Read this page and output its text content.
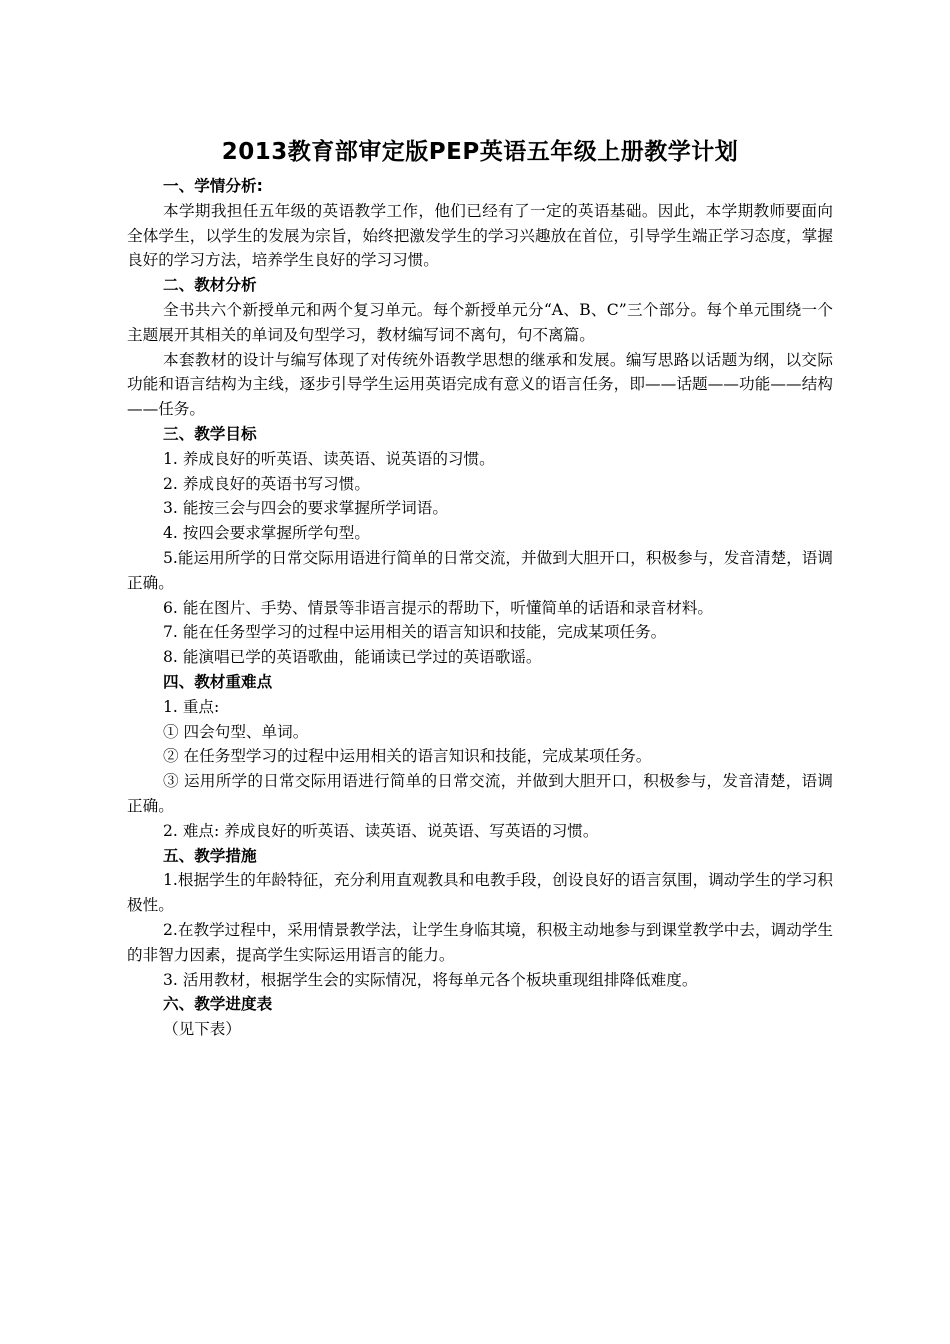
2013教育部审定版PEP英语五年级上册教学计划

一、学情分析:

本学期我担任五年级的英语教学工作，他们已经有了一定的英语基础。因此，本学期教师要面向全体学生，以学生的发展为宗旨，始终把激发学生的学习兴趣放在首位，引导学生端正学习态度，掌握良好的学习方法，培养学生良好的学习习惯。

二、教材分析

全书共六个新授单元和两个复习单元。每个新授单元分“A、B、C”三个部分。每个单元围绕一个主题展开其相关的单词及句型学习，教材编写词不离句，句不离篇。

本套教材的设计与编写体现了对传统外语教学思想的继承和发展。编写思路以话题为纲，以交际功能和语言结构为主线，逐步引导学生运用英语完成有意义的语言任务，即——话题——功能——结构——任务。

三、教学目标

1. 养成良好的听英语、读英语、说英语的习惯。

2. 养成良好的英语书写习惯。

3. 能按三会与四会的要求掌握所学词语。

4. 按四会要求掌握所学句型。

5.能运用所学的日常交际用语进行简单的日常交流，并做到大胆开口，积极参与，发音清楚，语调正确。

6. 能在图片、手势、情景等非语言提示的帮助下，听懂简单的话语和录音材料。

7. 能在任务型学习的过程中运用相关的语言知识和技能，完成某项任务。

8. 能演唱已学的英语歌曲，能诵读已学过的英语歌谣。

四、教材重难点

1. 重点:

① 四会句型、单词。

② 在任务型学习的过程中运用相关的语言知识和技能，完成某项任务。

③ 运用所学的日常交际用语进行简单的日常交流，并做到大胆开口，积极参与，发音清楚，语调正确。

2. 难点: 养成良好的听英语、读英语、说英语、写英语的习惯。

五、教学措施

1.根据学生的年龄特征，充分利用直观教具和电教手段，创设良好的语言氛围，调动学生的学习积极性。

2.在教学过程中，采用情景教学法，让学生身临其境，积极主动地参与到课堂教学中去，调动学生的非智力因素，提高学生实际运用语言的能力。

3. 活用教材，根据学生会的实际情况，将每单元各个板块重现组排降低难度。

六、教学进度表

（见下表）
